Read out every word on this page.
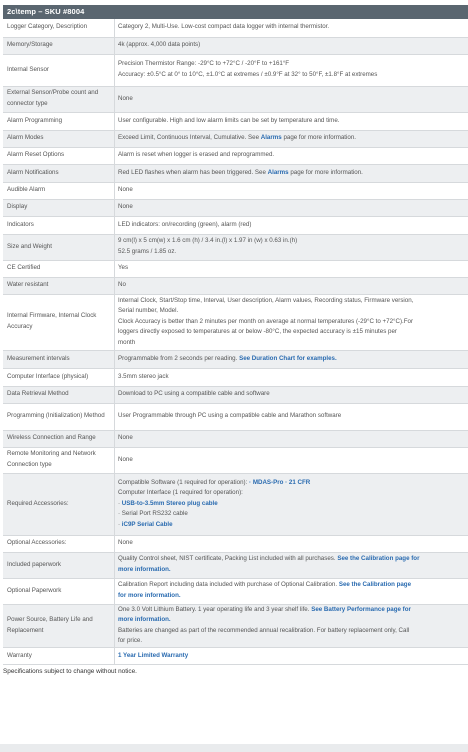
2c\temp – SKU #8004
Logger Category, Description	Category 2, Multi-Use. Low-cost compact data logger with internal thermistor.

Memory/Storage	4k (approx. 4,000 data points)

Internal Sensor	Precision Thermistor Range: -29°C to +72°C / -20°F to +161°F
Accuracy: ±0.5°C at 0° to 10°C, ±1.0°C at extremes / ±0.9°F at 32° to 50°F, ±1.8°F at extremes

External Sensor/Probe count and connector type	None

Alarm Programming	User configurable. High and low alarm limits can be set by temperature and time.

Alarm Modes	Exceed Limit, Continuous Interval, Cumulative. See Alarms page for more information.

Alarm Reset Options	Alarm is reset when logger is erased and reprogrammed.

Alarm Notifications	Red LED flashes when alarm has been triggered. See Alarms page for more information.

Audible Alarm	None

Display	None

Indicators	LED indicators: on/recording (green), alarm (red)

Size and Weight	9 cm(l) x 5 cm(w) x 1.6 cm (h) / 3.4 in.(l) x 1.97 in (w) x 0.63 in.(h)
52.5 grams / 1.85 oz.

CE Certified	Yes

Water resistant	No

Internal Firmware, Internal Clock Accuracy	Internal Clock, Start/Stop time, Interval, User description, Alarm values, Recording status, Firmware version,
Serial number, Model.
Clock Accuracy is better than 2 minutes per month on average at normal temperatures (-29°C to +72°C).For
loggers directly exposed to temperatures at or below -80°C, the expected accuracy is ±15 minutes per
month

Measurement intervals	Programmable from 2 seconds per reading. See Duration Chart for examples.

Computer Interface (physical)	3.5mm stereo jack

Data Retrieval Method	Download to PC using a compatible cable and software

Programming (Initialization) Method	User Programmable through PC using a compatible cable and Marathon software

Wireless Connection and Range	None

Remote Monitoring and Network Connection type	None

Required Accessories:	Compatible Software (1 required for operation): · MDAS-Pro · 21 CFR
Computer Interface (1 required for operation):
· USB-to-3.5mm Stereo plug cable
· Serial Port RS232 cable
· iC9P Serial Cable

Optional Accessories:	None

Included paperwork	Quality Control sheet, NIST certificate, Packing List included with all purchases. See the Calibration page for
more information.

Optional Paperwork	Calibration Report including data included with purchase of Optional Calibration. See the Calibration page
for more information.

Power Source, Battery Life and Replacement	One 3.0 Volt Lithium Battery. 1 year operating life and 3 year shelf life. See Battery Performance page for
more information.
Batteries are changed as part of the recommended annual recalibration. For battery replacement only, Call
for price.

Warranty	1 Year Limited Warranty
Specifications subject to change without notice.
